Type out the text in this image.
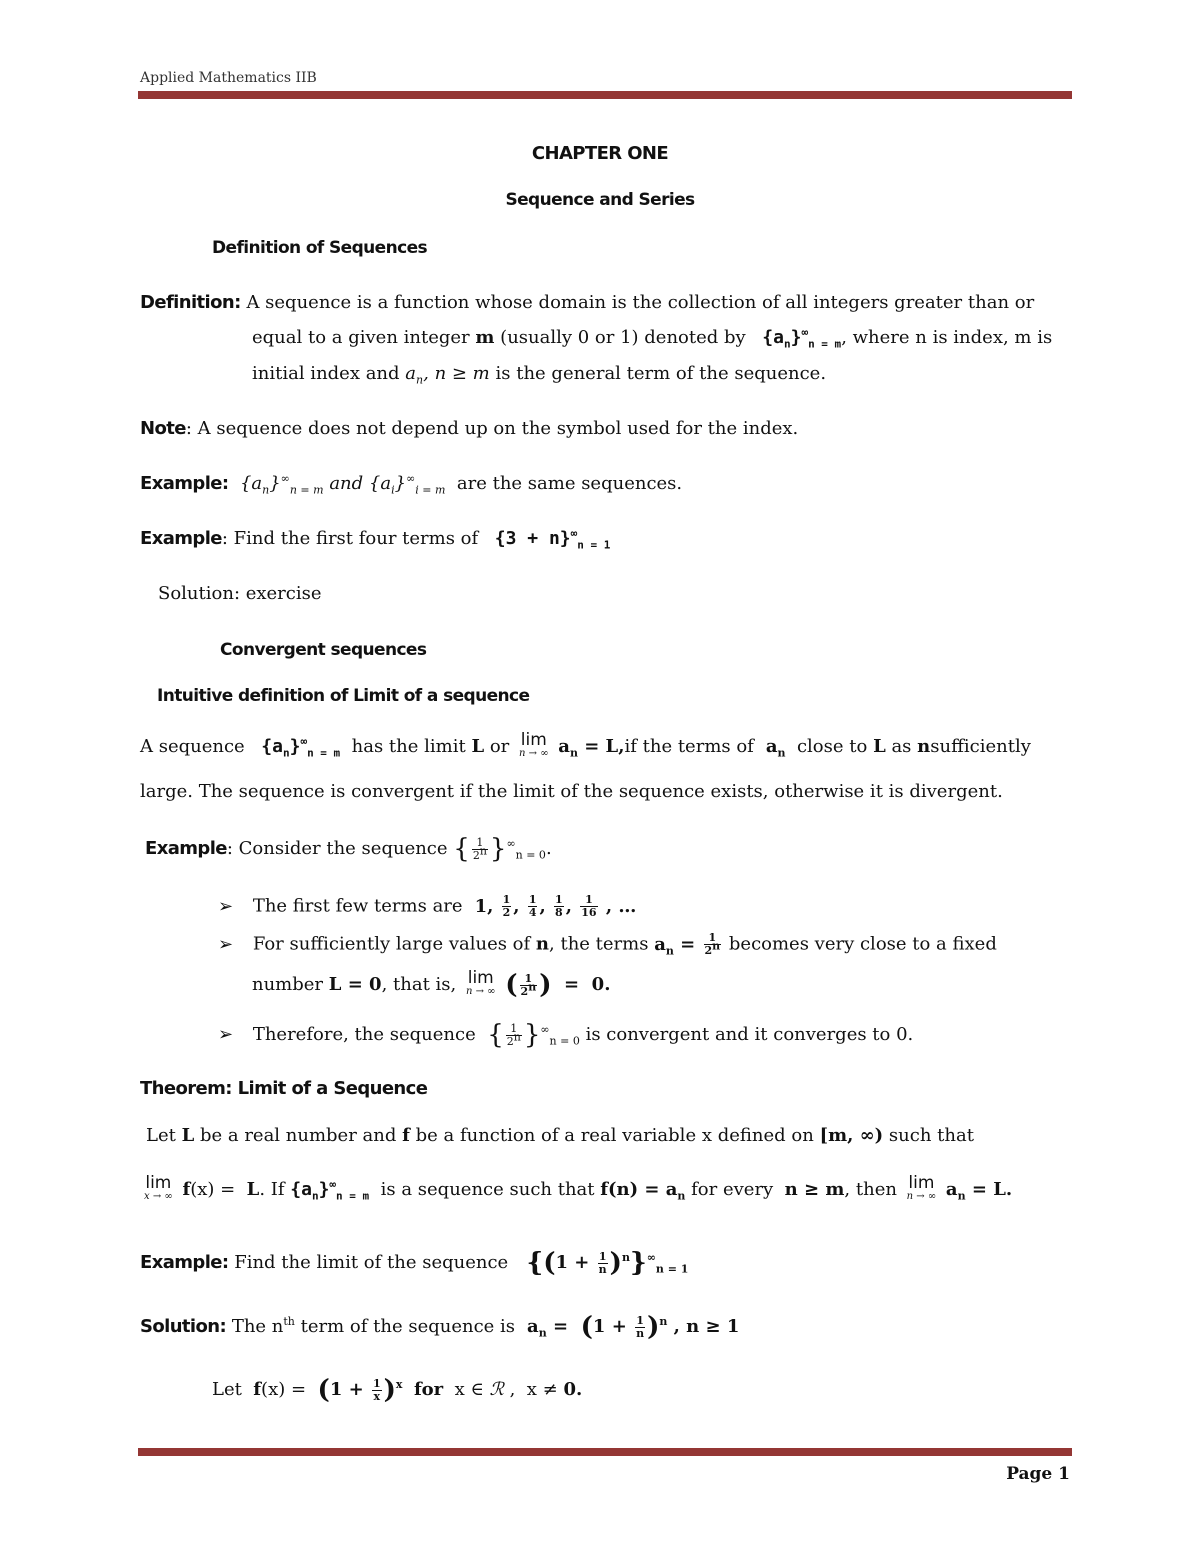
Applied Mathematics IIB
CHAPTER ONE
Sequence and Series
Definition of Sequences
Definition: A sequence is a function whose domain is the collection of all integers greater than or
equal to a given integer m (usually 0 or 1) denoted by  $\{a_n\}^\infty_{n = m}$, where n is index, m is
initial index and $a_n$, n ≥ m is the general term of the sequence.
Note: A sequence does not depend up on the symbol used for the index.
Example:  $\{a_n\}^\infty_{n = m}$ and $\{a_i\}^\infty_{i = m}$ are the same sequences.
Example: Find the first four terms of  $\{3 + n\}^\infty_{n = 1}$
Solution: exercise
Convergent sequences
Intuitive definition of Limit of a sequence
A sequence  $\{a_n\}^\infty_{n = m}$ has the limit L or lim
n → ∞ $a_n = L,if$ the terms of  $a_n$ close to L as nsufficiently
large. The sequence is convergent if the limit of the sequence exists, otherwise it is divergent.
Example: Consider the sequence { $\frac{1}{2^n} \}^\infty_{n = 0}$.
➢ The first few terms are  1, $\frac{1}{2}$ , $\frac{1}{4}$ , $\frac{1}{8}$ , $\frac{1}{16}$ , …
➢ For sufficiently large values of n, the terms $a_n = \frac{1}{2^n}$ becomes very close to a fixed
number L = 0, that is, lim
n → ∞ ( $\frac{1}{2^n}$ )  =  0.
➢ Therefore, the sequence { $\frac{1}{2^n} \}^\infty_{n = 0}$ is convergent and it converges to 0.
Theorem: Limit of a Sequence
Let L be a real number and f be a function of a real variable x defined on [m, ∞) such that
lim
x → ∞ f(x) =  L. If $\{a_n\}^\infty_{n = m}$ is a sequence such that $f(n) = a_n$ for every n ≥ m, then lim
n → ∞ $a_n = L$.
Example: Find the limit of the sequence $\{(1 + \frac{1}{n} )^n\}^\infty_{n = 1}$
Solution: The $n^{th}$ term of the sequence is  $a_n = (1 + \frac{1}{n} )^n$ , n ≥ 1
Let $f(x) = (1 + \frac{1}{x} )^x$ for x ∈ ℛ ,  x ≠ 0.
Page 1
